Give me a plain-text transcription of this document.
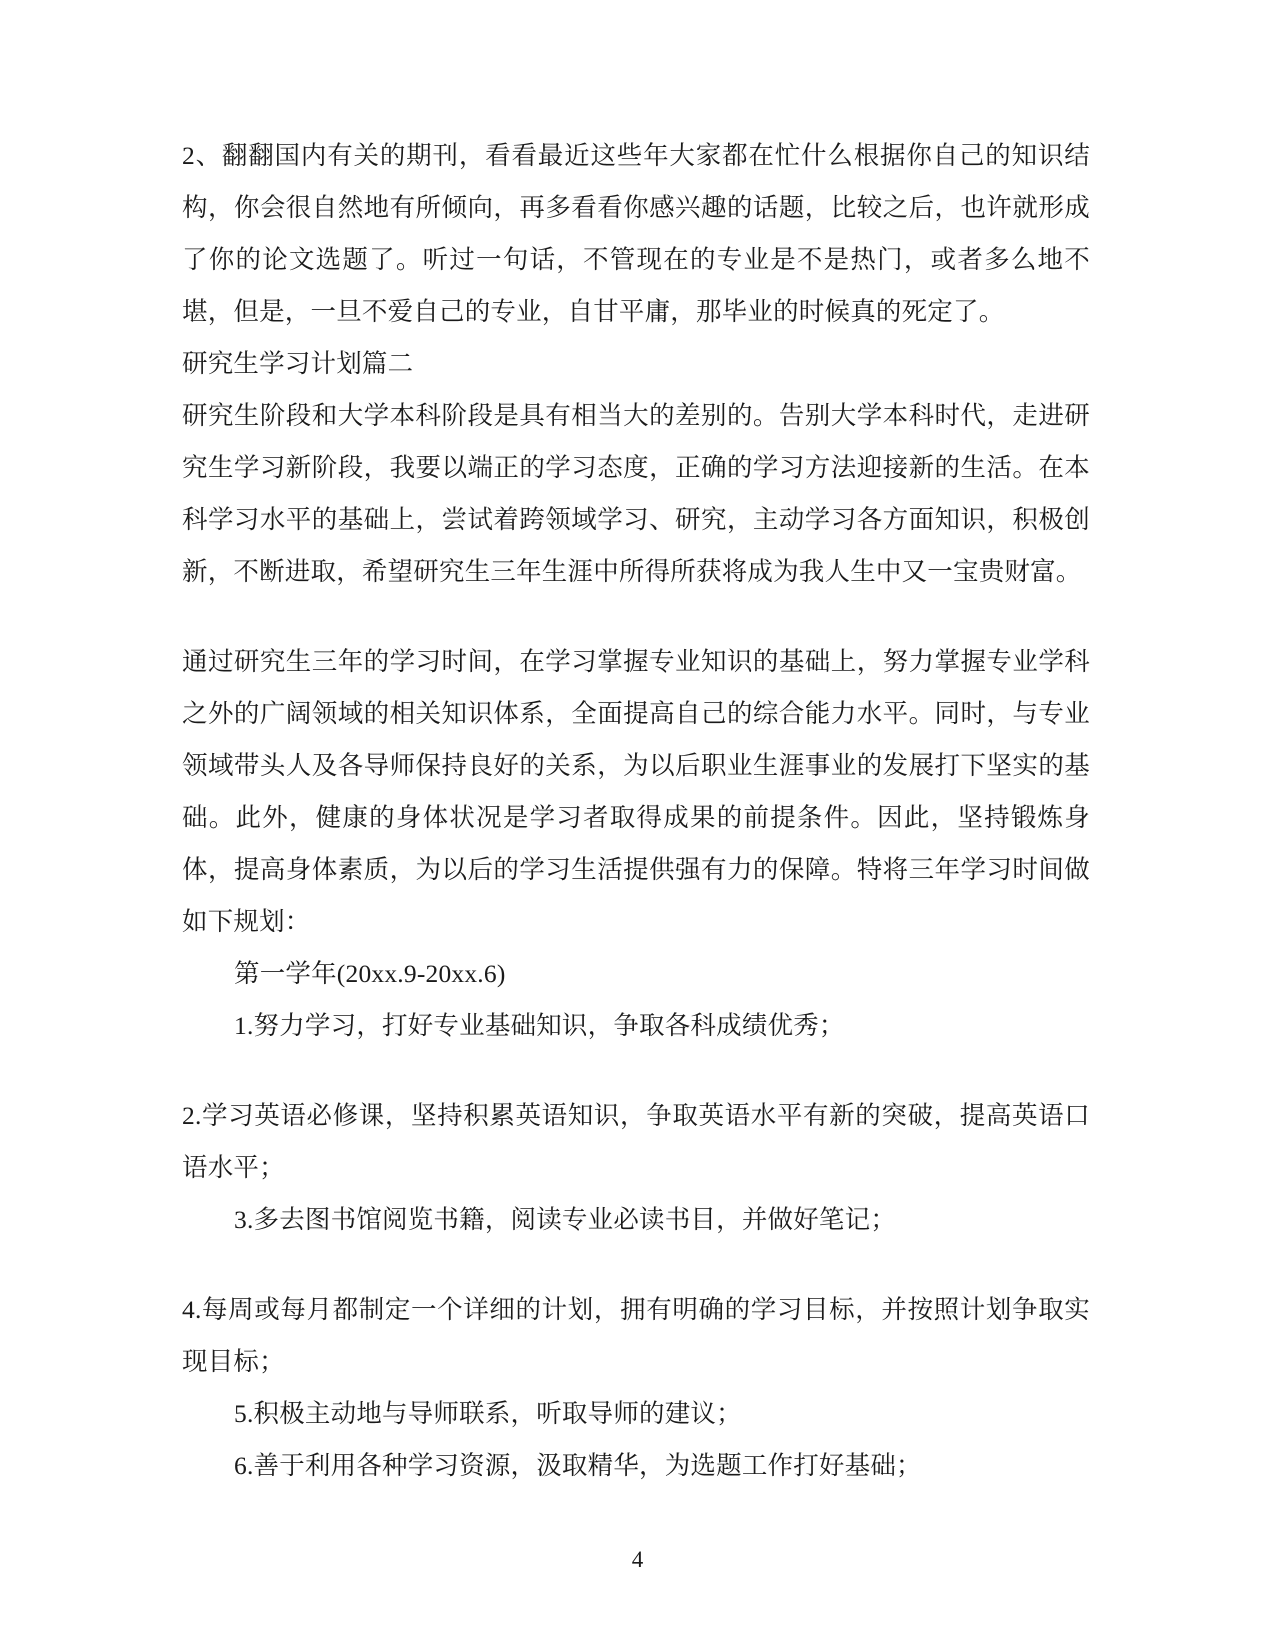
2、翻翻国内有关的期刊，看看最近这些年大家都在忙什么根据你自己的知识结构，你会很自然地有所倾向，再多看看你感兴趣的话题，比较之后，也许就形成了你的论文选题了。听过一句话，不管现在的专业是不是热门，或者多么地不堪，但是，一旦不爱自己的专业，自甘平庸，那毕业的时候真的死定了。

研究生学习计划篇二

研究生阶段和大学本科阶段是具有相当大的差别的。告别大学本科时代，走进研究生学习新阶段，我要以端正的学习态度，正确的学习方法迎接新的生活。在本科学习水平的基础上，尝试着跨领域学习、研究，主动学习各方面知识，积极创新，不断进取，希望研究生三年生涯中所得所获将成为我人生中又一宝贵财富。

通过研究生三年的学习时间，在学习掌握专业知识的基础上，努力掌握专业学科之外的广阔领域的相关知识体系，全面提高自己的综合能力水平。同时，与专业领域带头人及各导师保持良好的关系，为以后职业生涯事业的发展打下坚实的基础。此外，健康的身体状况是学习者取得成果的前提条件。因此，坚持锻炼身体，提高身体素质，为以后的学习生活提供强有力的保障。特将三年学习时间做如下规划：

第一学年(20xx.9-20xx.6)

1.努力学习，打好专业基础知识，争取各科成绩优秀；

2.学习英语必修课，坚持积累英语知识，争取英语水平有新的突破，提高英语口语水平；

3.多去图书馆阅览书籍，阅读专业必读书目，并做好笔记；

4.每周或每月都制定一个详细的计划，拥有明确的学习目标，并按照计划争取实现目标；

5.积极主动地与导师联系，听取导师的建议；

6.善于利用各种学习资源，汲取精华，为选题工作打好基础；

4
